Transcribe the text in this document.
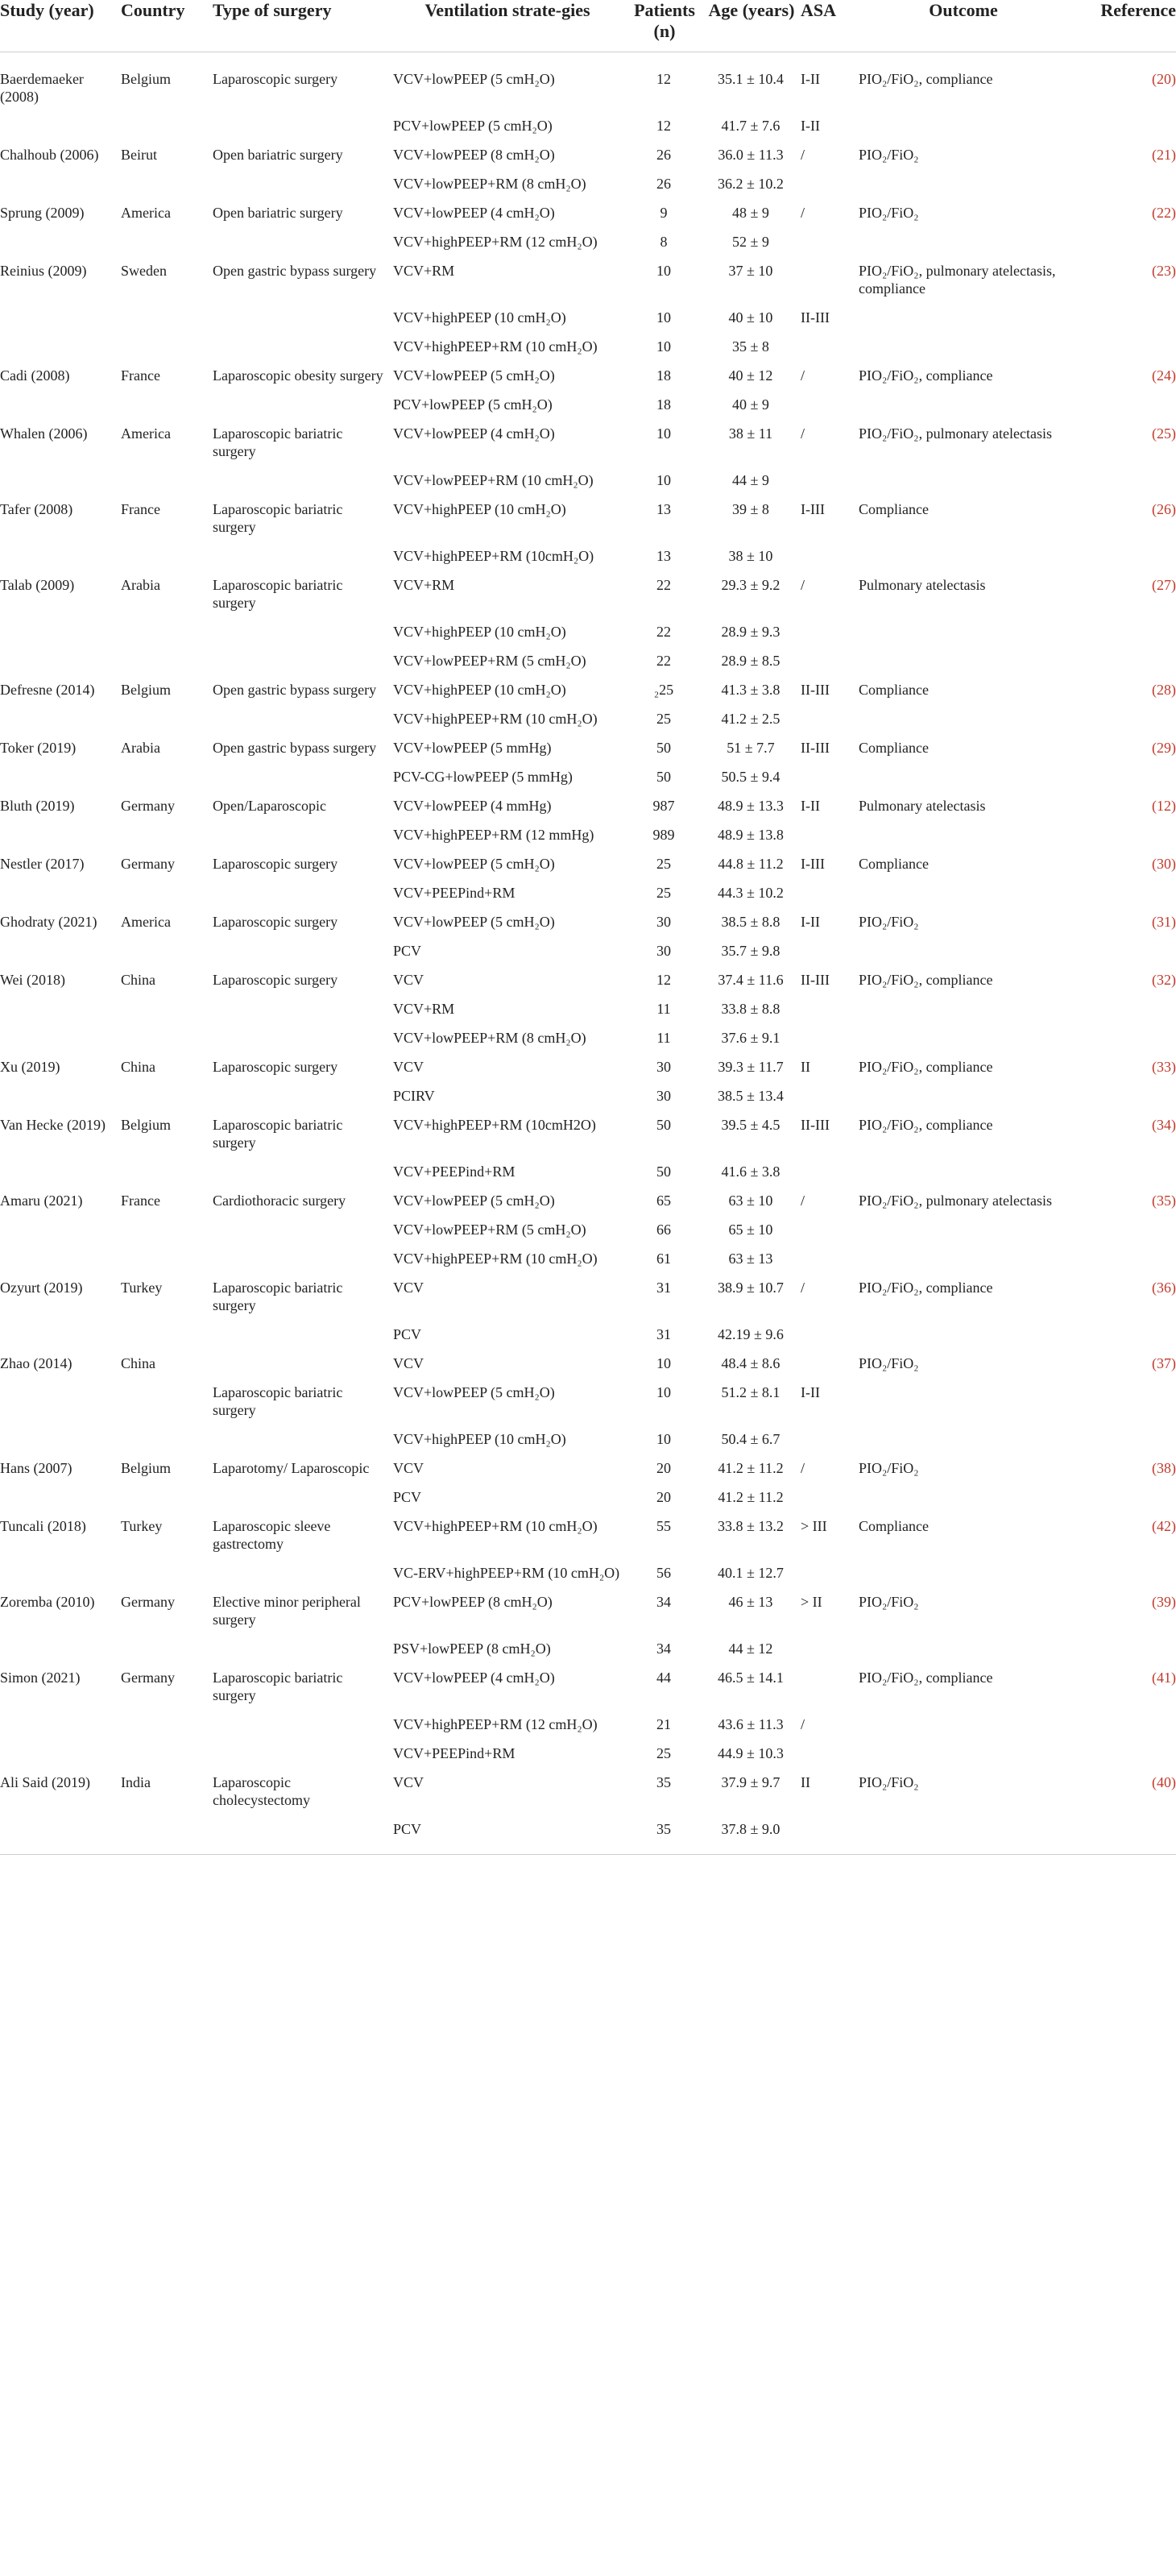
Study (year)	Country	Type of surgery	Ventilation strate-gies	Patients (n)	Age (years)	ASA	Outcome	Reference
Baerdemaeker (2008)	Belgium	Laparoscopic surgery	VCV+lowPEEP (5 cmH₂O)	12	35.1 ± 10.4	I-II	PIO₂/FiO₂, compliance	(20)
			PCV+lowPEEP (5 cmH₂O)	12	41.7 ± 7.6	I-II		
Chalhoub (2006)	Beirut	Open bariatric surgery	VCV+lowPEEP (8 cmH₂O)	26	36.0 ± 11.3	/	PIO₂/FiO₂	(21)
			VCV+lowPEEP+RM (8 cmH₂O)	26	36.2 ± 10.2			
Sprung (2009)	America	Open bariatric surgery	VCV+lowPEEP (4 cmH₂O)	9	48 ± 9	/	PIO₂/FiO₂	(22)
			VCV+highPEEP+RM (12 cmH₂O)	8	52 ± 9			
Reinius (2009)	Sweden	Open gastric bypass surgery	VCV+RM	10	37 ± 10		PIO₂/FiO₂, pulmonary atelectasis, compliance	(23)
			VCV+highPEEP (10 cmH₂O)	10	40 ± 10	II-III		
			VCV+highPEEP+RM (10 cmH₂O)	10	35 ± 8			
Cadi (2008)	France	Laparoscopic obesity surgery	VCV+lowPEEP (5 cmH₂O)	18	40 ± 12	/	PIO₂/FiO₂, compliance	(24)
			PCV+lowPEEP (5 cmH₂O)	18	40 ± 9			
Whalen (2006)	America	Laparoscopic bariatric surgery	VCV+lowPEEP (4 cmH₂O)	10	38 ± 11	/	PIO₂/FiO₂, pulmonary atelectasis	(25)
			VCV+lowPEEP+RM (10 cmH₂O)	10	44 ± 9			
Tafer (2008)	France	Laparoscopic bariatric surgery	VCV+highPEEP (10 cmH₂O)	13	39 ± 8	I-III	Compliance	(26)
			VCV+highPEEP+RM (10cmH₂O)	13	38 ± 10			
Talab (2009)	Arabia	Laparoscopic bariatric surgery	VCV+RM	22	29.3 ± 9.2	/	Pulmonary atelectasis	(27)
			VCV+highPEEP (10 cmH₂O)	22	28.9 ± 9.3			
			VCV+lowPEEP+RM (5 cmH₂O)	22	28.9 ± 8.5			
Defresne (2014)	Belgium	Open gastric bypass surgery	VCV+highPEEP (10 cmH₂O)	₂25	41.3 ± 3.8	II-III	Compliance	(28)
			VCV+highPEEP+RM (10 cmH₂O)	25	41.2 ± 2.5			
Toker (2019)	Arabia	Open gastric bypass surgery	VCV+lowPEEP (5 mmHg)	50	51 ± 7.7	II-III	Compliance	(29)
			PCV-CG+lowPEEP (5 mmHg)	50	50.5 ± 9.4			
Bluth (2019)	Germany	Open/Laparoscopic	VCV+lowPEEP (4 mmHg)	987	48.9 ± 13.3	I-II	Pulmonary atelectasis	(12)
			VCV+highPEEP+RM (12 mmHg)	989	48.9 ± 13.8			
Nestler (2017)	Germany	Laparoscopic surgery	VCV+lowPEEP (5 cmH₂O)	25	44.8 ± 11.2	I-III	Compliance	(30)
			VCV+PEEPind+RM	25	44.3 ± 10.2			
Ghodraty (2021)	America	Laparoscopic surgery	VCV+lowPEEP (5 cmH₂O)	30	38.5 ± 8.8	I-II	PIO₂/FiO₂	(31)
			PCV	30	35.7 ± 9.8			
Wei (2018)	China	Laparoscopic surgery	VCV	12	37.4 ± 11.6	II-III	PIO₂/FiO₂, compliance	(32)
			VCV+RM	11	33.8 ± 8.8			
			VCV+lowPEEP+RM (8 cmH₂O)	11	37.6 ± 9.1			
Xu (2019)	China	Laparoscopic surgery	VCV	30	39.3 ± 11.7	II	PIO₂/FiO₂, compliance	(33)
			PCIRV	30	38.5 ± 13.4			
Van Hecke (2019)	Belgium	Laparoscopic bariatric surgery	VCV+highPEEP+RM (10cmH2O)	50	39.5 ± 4.5	II-III	PIO₂/FiO₂, compliance	(34)
			VCV+PEEPind+RM	50	41.6 ± 3.8			
Amaru (2021)	France	Cardiothoracic surgery	VCV+lowPEEP (5 cmH₂O)	65	63 ± 10	/	PIO₂/FiO₂, pulmonary atelectasis	(35)
			VCV+lowPEEP+RM (5 cmH₂O)	66	65 ± 10			
			VCV+highPEEP+RM (10 cmH₂O)	61	63 ± 13			
Ozyurt (2019)	Turkey	Laparoscopic bariatric surgery	VCV	31	38.9 ± 10.7	/	PIO₂/FiO₂, compliance	(36)
			PCV	31	42.19 ± 9.6			
Zhao (2014)	China		VCV	10	48.4 ± 8.6		PIO₂/FiO₂	(37)
		Laparoscopic bariatric surgery	VCV+lowPEEP (5 cmH₂O)	10	51.2 ± 8.1	I-II		
			VCV+highPEEP (10 cmH₂O)	10	50.4 ± 6.7			
Hans (2007)	Belgium	Laparotomy/ Laparoscopic	VCV	20	41.2 ± 11.2	/	PIO₂/FiO₂	(38)
			PCV	20	41.2 ± 11.2			
Tuncali (2018)	Turkey	Laparoscopic sleeve gastrectomy	VCV+highPEEP+RM (10 cmH₂O)	55	33.8 ± 13.2	> III	Compliance	(42)
			VC-ERV+highPEEP+RM (10 cmH₂O)	56	40.1 ± 12.7			
Zoremba (2010)	Germany	Elective minor peripheral surgery	PCV+lowPEEP (8 cmH₂O)	34	46 ± 13	> II	PIO₂/FiO₂	(39)
			PSV+lowPEEP (8 cmH₂O)	34	44 ± 12			
Simon (2021)	Germany	Laparoscopic bariatric surgery	VCV+lowPEEP (4 cmH₂O)	44	46.5 ± 14.1		PIO₂/FiO₂, compliance	(41)
			VCV+highPEEP+RM (12 cmH₂O)	21	43.6 ± 11.3	/		
			VCV+PEEPind+RM	25	44.9 ± 10.3			
Ali Said (2019)	India	Laparoscopic cholecystectomy	VCV	35	37.9 ± 9.7	II	PIO₂/FiO₂	(40)
			PCV	35	37.8 ± 9.0			
